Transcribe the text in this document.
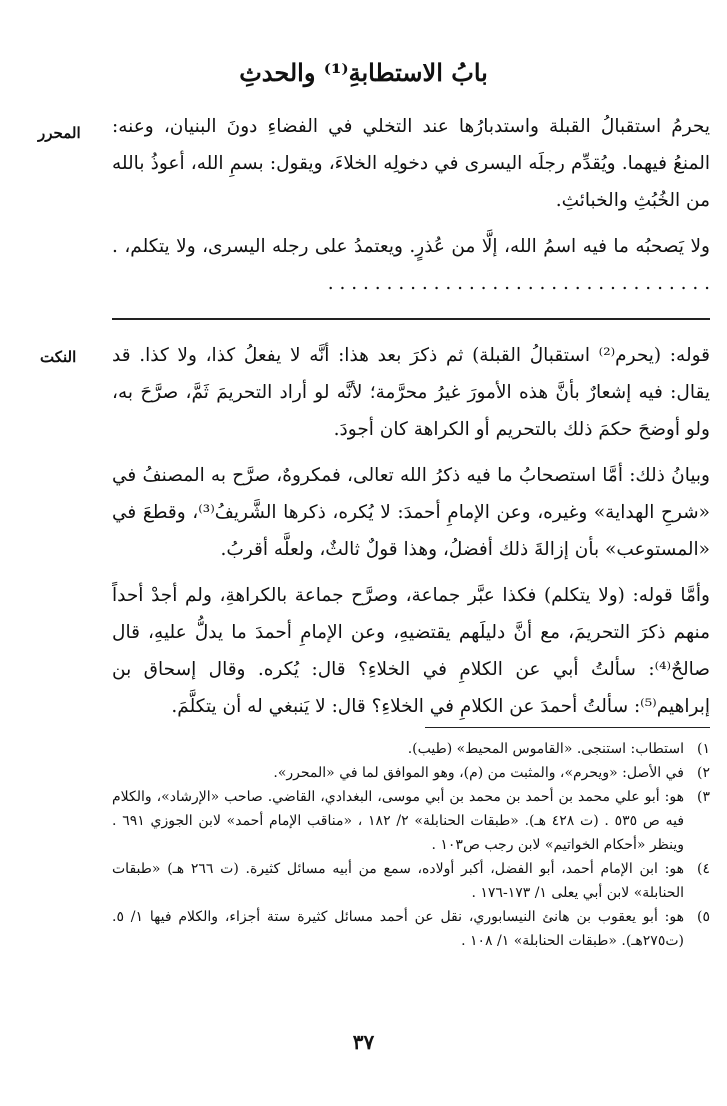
بابُ الاستطابةِ⁽¹⁾ والحدثِ
المحرر يحرمُ استقبالُ القبلة واستدبارُها عند التخلي في الفضاءِ دونَ البنيان، وعنه: المنعُ فيهما. ويُقدِّم رجلَه اليسرى في دخولِه الخلاءَ، ويقول: بسمِ الله، أعوذُ بالله من الخُبُثِ والخبائثِ.

ولا يَصحبُه ما فيه اسمُ الله، إلَّا من عُذرٍ. ويعتمدُ على رجله اليسرى، ولا يتكلم، . . . . . . . . . . . . . . . . . . . . . . . . . . . . . . . . . .

النكت قوله: (يحرم⁽²⁾ استقبالُ القبلة) ثم ذكرَ بعد هذا: أنَّه لا يفعلُ كذا، ولا كذا. قد يقال: فيه إشعارٌ بأنَّ هذه الأمورَ غيرُ محرَّمة؛ لأنَّه لو أراد التحريمَ ثَمَّ، صرَّحَ به، ولو أوضحَ حكمَ ذلك بالتحريم أو الكراهة كان أجودَ.

وبيانُ ذلك: أمَّا استصحابُ ما فيه ذكرُ الله تعالى، فمكروهٌ، صرَّح به المصنفُ في «شرحِ الهداية» وغيره، وعن الإمامِ أحمدَ: لا يُكره، ذكرها الشَّريفُ⁽³⁾، وقطعَ في «المستوعب» بأن إزالةَ ذلك أفضلُ، وهذا قولٌ ثالثٌ، ولعلَّه أقربُ.

وأمَّا قوله: (ولا يتكلم) فكذا عبَّر جماعة، وصرَّح جماعة بالكراهةِ، ولم أجدْ أحداً منهم ذكرَ التحريمَ، مع أنَّ دليلَهم يقتضيهِ، وعن الإمامِ أحمدَ ما يدلُّ عليهِ، قال صالحٌ⁽⁴⁾: سألتُ أبي عن الكلامِ في الخلاءِ؟ قال: يُكره. وقال إسحاق بن إبراهيم⁽⁵⁾: سألتُ أحمدَ عن الكلامِ في الخلاءِ؟ قال: لا يَنبغي له أن يتكلَّمَ.

١)
استطاب: استنجى. «القاموس المحيط» (طيب).
٢)
في الأصل: «ويحرم»، والمثبت من (م)، وهو الموافق لما في «المحرر».
٣)
هو: أبو علي محمد بن أحمد بن محمد بن أبي موسى، البغدادي، القاضي. صاحب «الإرشاد»، والكلام فيه ص ٥٣٥ . (ت ٤٢٨ هـ). «طبقات الحنابلة» ٢/ ١٨٢ ، «مناقب الإمام أحمد» لابن الجوزي ٦٩١ . وينظر «أحكام الخواتيم» لابن رجب ص١٠٣ .
٤)
هو: ابن الإمام أحمد، أبو الفضل، أكبر أولاده، سمع من أبيه مسائل كثيرة. (ت ٢٦٦ هـ) «طبقات الحنابلة» لابن أبي يعلى ١/ ١٧٣-١٧٦ .
٥)
هو: أبو يعقوب بن هانئ النيسابوري، نقل عن أحمد مسائل كثيرة ستة أجزاء، والكلام فيها ١/ ٥. (ت٢٧٥هـ). «طبقات الحنابلة» ١/ ١٠٨ .
٣٧
